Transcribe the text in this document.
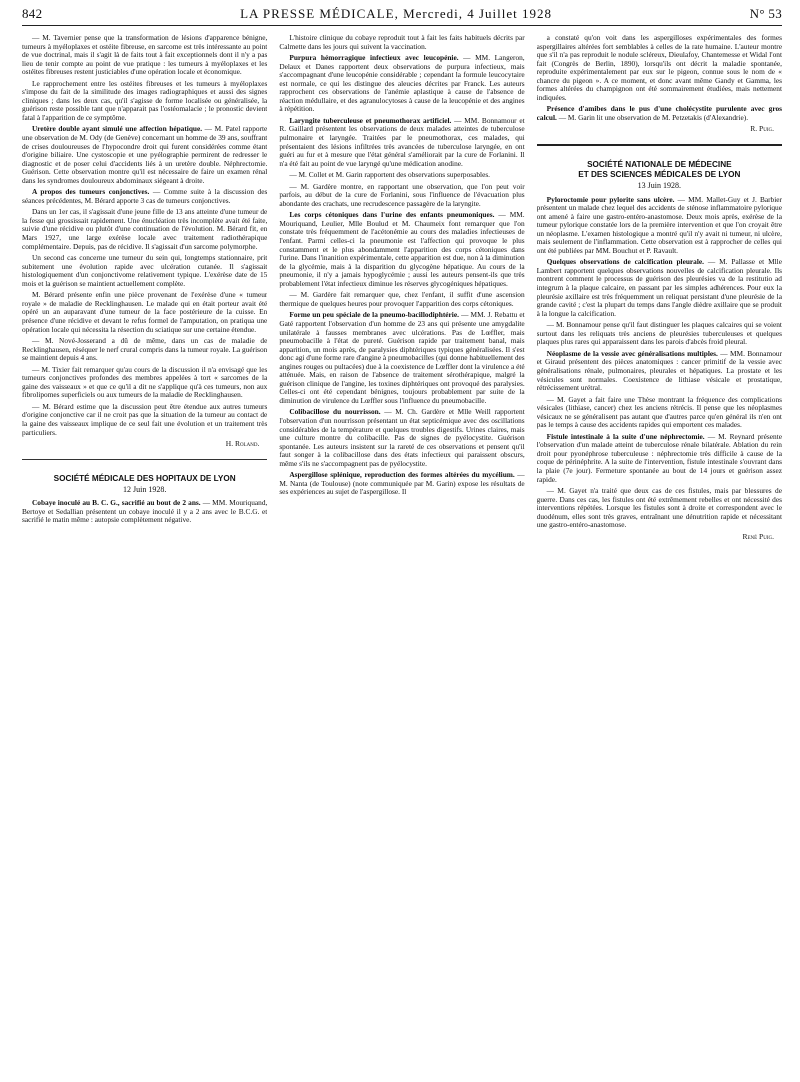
842	LA PRESSE MÉDICALE, Mercredi, 4 Juillet 1928	N° 53

— M. Tavernier pense que la transformation de lésions d'apparence bénigne, tumeurs à myéloplaxes et ostéite fibreuse, en sarcome est très intéressante au point de vue doctrinal, mais il s'agit là de faits tout à fait exceptionnels dont il n'y a pas lieu de tenir compte au point de vue pratique : les tumeurs à myéloplaxes et les ostéites fibreuses restent justiciables d'une opération locale et économique.

Le rapprochement entre les ostéites fibreuses et les tumeurs à myéloplaxes s'impose du fait de la similitude des images radiographiques et aussi des signes cliniques ; dans les deux cas, qu'il s'agisse de forme localisée ou généralisée, la guérison reste possible tant que n'apparait pas l'ostéomalacie ; le pronostic devient fatal à l'apparition de ce symptôme.

Uretère double ayant simulé une affection hépatique. — M. Patel rapporte une observation de M. Ody (de Genève) concernant un homme de 39 ans, souffrant de crises douloureuses de l'hypocondre droit qui furent considérées comme étant d'origine biliaire. Une cystoscopie et une pyélographie permirent de redresser le diagnostic et de poser celui d'accidents liés à un uretère double. Néphrectomie. Guérison. Cette observation montre qu'il est nécessaire de faire un examen rénal dans les syndromes douloureux abdominaux siégeant à droite.

A propos des tumeurs conjonctives. — Comme suite à la discussion des séances précédentes, M. Bérard apporte 3 cas de tumeurs conjonctives.

Dans un 1er cas, il s'agissait d'une jeune fille de 13 ans atteinte d'une tumeur de la fesse qui grossissait rapidement. Une énucléation très incomplète avait été faite, suivie d'une récidive ou plutôt d'une continuation de l'évolution. M. Bérard fit, en Mars 1927, une large exérèse locale avec traitement radiothérapique complémentaire. Depuis, pas de récidive. Il s'agissait d'un sarcome polymorphe.

Un second cas concerne une tumeur du sein qui, longtemps stationnaire, prit subitement une évolution rapide avec ulcération cutanée. Il s'agissait histologiquement d'un conjonctivome relativement typique. L'exérèse date de 15 mois et la guérison se maintient actuellement complète.

M. Bérard présente enfin une pièce provenant de l'exérèse d'une « tumeur royale » de maladie de Recklinghausen. Le malade qui en était porteur avait été opéré un an auparavant d'une tumeur de la face postérieure de la cuisse. En présence d'une récidive et devant le refus formel de l'amputation, on pratiqua une opération locale qui nécessita la résection du sciatique sur une certaine étendue.

— M. Nové-Josserand a dû de même, dans un cas de maladie de Recklinghausen, réséquer le nerf crural compris dans la tumeur royale. La guérison se maintient depuis 4 ans.

— M. Tixier fait remarquer qu'au cours de la discussion il n'a envisagé que les tumeurs conjonctives profondes des membres appelées à tort « sarcomes de la gaine des vaisseaux » et que ce qu'il a dit ne s'applique qu'à ces tumeurs, non aux fibrolipomes superficiels ou aux tumeurs de la maladie de Recklinghausen.

— M. Bérard estime que la discussion peut être étendue aux autres tumeurs d'origine conjonctive car il ne croit pas que la situation de la tumeur au contact de la gaine des vaisseaux implique de ce seul fait une évolution et un traitement très particuliers.

H. Roland.
SOCIÉTÉ MÉDICALE DES HOPITAUX DE LYON
12 Juin 1928.

Cobaye inoculé au B. C. G., sacrifié au bout de 2 ans. — MM. Mouriquand, Bertoye et Sedallian présentent un cobaye inoculé il y a 2 ans avec le B.C.G. et sacrifié le matin même : autopsie complètement négative.

L'histoire clinique du cobaye reproduit tout à fait les faits habituels décrits par Calmette dans les jours qui suivent la vaccination.

Purpura hémorragique infectieux avec leucopénie. — MM. Langeron, Delaux et Danes rapportent deux observations de purpura infectieux, mais s'accompagnant d'une leucopénie considérable ; cependant la formule leucocytaire est normale, ce qui les distingue des aleucies décrites par Franck. Les auteurs rapprochent ces observations de l'anémie aplastique à cause de l'absence de réaction médullaire, et des agranulocytoses à cause de la leucopénie et des angines à répétition.

Laryngite tuberculeuse et pneumothorax artificiel. — MM. Bonnamour et R. Gaillard présentent les observations de deux malades atteintes de tuberculose pulmonaire et laryngée. Traitées par le pneumothorax, ces malades, qui présentaient des lésions infiltrées très avancées de tuberculose laryngée, en ont guéri au fur et à mesure que l'état général s'améliorait par la cure de Forlanini. Il n'a été fait au point de vue laryngé qu'une médication anodine.

— M. Collet et M. Garin rapportent des observations superposables.

— M. Gardère montre, en rapportant une observation, que l'on peut voir parfois, au début de la cure de Forlanini, sous l'influence de l'évacuation plus abondante des crachats, une recrudescence passagère de la laryngite.

Les corps cétoniques dans l'urine des enfants pneumoniques. — MM. Mouriquand, Leulier, Mlle Boulud et M. Chaumeix font remarquer que l'on constate très fréquemment de l'acétonémie au cours des maladies infectieuses de l'enfant. Parmi celles-ci la pneumonie est l'affection qui provoque le plus constamment et le plus abondamment l'apparition des corps cétoniques dans l'urine. Dans l'inanition expérimentale, cette apparition est due, non à la diminution de la glycémie, mais à la disparition du glycogène hépatique. Au cours de la pneumonie, il n'y a jamais hypoglycémie ; aussi les auteurs pensent-ils que très probablement l'état infectieux diminue les réserves glycogéniques hépatiques.

— M. Gardère fait remarquer que, chez l'enfant, il suffit d'une ascension thermique de quelques heures pour provoquer l'apparition des corps cétoniques.

Forme un peu spéciale de la pneumo-bacillodiphtérie. — MM. J. Rebattu et Gaté rapportent l'observation d'un homme de 23 ans qui présente une amygdalite unilatérale à fausses membranes avec ulcérations. Pas de Lœffler, mais pneumobacille à l'état de pureté. Guérison rapide par traitement banal, mais apparition, un mois après, de paralysies diphtériques typiques généralisées. Il s'est donc agi d'une forme rare d'angine à pneumobacilles (qui donne habituellement des angines rouges ou pultacées) due à la coexistence de Lœffler dont la virulence a été atténuée. Mais, en raison de l'absence de traitement sérothérapique, malgré la guérison clinique de l'angine, les toxines diphtériques ont provoqué des paralysies. Celles-ci ont été cependant bénignes, toujours probablement par suite de la diminution de virulence du Lœffler sous l'influence du pneumobacille.

Colibacillose du nourrisson. — M. Ch. Gardère et Mlle Weill rapportent l'observation d'un nourrisson présentant un état septicémique avec des oscillations considérables de la température et quelques troubles digestifs. Urines claires, mais une culture montre du colibacille. Pas de signes de pyélocystite. Guérison spontanée. Les auteurs insistent sur la rareté de ces observations et pensent qu'il faut songer à la colibacillose dans des états infectieux qui paraissent obscurs, même s'ils ne s'accompagnent pas de pyélocystite.

Aspergillose splénique, reproduction des formes altérées du mycélium. — M. Nanta (de Toulouse) (note communiquée par M. Garin) expose les résultats de ses expériences au sujet de l'aspergillose. Il

a constaté qu'on voit dans les aspergilloses expérimentales des formes aspergillaires altérées fort semblables à celles de la rate humaine. L'auteur montre que s'il n'a pas reproduit le nodule scléreux, Dieulafoy, Chantemesse et Widal l'ont fait (Congrès de Berlin, 1890), lorsqu'ils ont décrit la maladie spontanée, reproduite expérimentalement par eux sur le pigeon, connue sous le nom de « chancre du pigeon ». A ce moment, et donc avant même Gandy et Gamma, les formes altérées du champignon ont été sommairement étudiées, mais nettement indiquées.

Présence d'amibes dans le pus d'une cholécystite purulente avec gros calcul. — M. Garin lit une observation de M. Petzetakis (d'Alexandrie).

R. Puig.
SOCIÉTÉ NATIONALE DE MÉDECINE
ET DES SCIENCES MÉDICALES DE LYON
13 Juin 1928.

Pyloroctomie pour pylorite sans ulcère. — MM. Mallet-Guy et J. Barbier présentent un malade chez lequel des accidents de sténose inflammatoire pylorique ont amené à faire une gastro-entéro-anastomose. Deux mois après, exérèse de la tumeur pylorique constatée lors de la première intervention et que l'on croyait être un néoplasme. L'examen histologique a montré qu'il n'y avait ni tumeur, ni ulcère, mais seulement de l'inflammation. Cette observation est à rapprocher de celles qui ont été publiées par MM. Bouchut et P. Ravault.

Quelques observations de calcification pleurale. — M. Pallasse et Mlle Lambert rapportent quelques observations nouvelles de calcification pleurale. Ils montrent comment le processus de guérison des pleurésies va de la restitutio ad integrum à la plaque calcaire, en passant par les simples adhérences. Pour eux la pleurésie axillaire est très fréquemment un reliquat persistant d'une pleurésie de la grande cavité ; c'est la plupart du temps dans l'angle dièdre axillaire que se produit à la longue la calcification.

— M. Bonnamour pense qu'il faut distinguer les plaques calcaires qui se voient surtout dans les reliquats très anciens de pleurésies tuberculeuses et quelques plaques plus rares qui apparaissent dans les parois d'abcès froid pleural.

Néoplasme de la vessie avec généralisations multiples. — MM. Bonnamour et Giraud présentent des pièces anatomiques : cancer primitif de la vessie avec généralisations rénale, pulmonaires, pleurales et hépatiques. La prostate et les vésicules sont normales. Coexistence de lithiase vésicale et prostatique, rétrécissement urétral.

— M. Gayet a fait faire une Thèse montrant la fréquence des complications vésicales (lithiase, cancer) chez les anciens rétrécis. Il pense que les néoplasmes vésicaux ne se généralisent pas autant que d'autres parce qu'en général ils n'en ont pas le temps à cause des accidents rapides qui emportent ces malades.

Fistule intestinale à la suite d'une néphrectomie. — M. Reynard présente l'observation d'un malade atteint de tuberculose rénale bilatérale. Ablation du rein droit pour pyonéphrose tuberculeuse : néphrectomie très difficile à cause de la coque de périnéphrite. A la suite de l'intervention, fistule intestinale s'ouvrant dans la plaie (7e jour). Fermeture spontanée au bout de 14 jours et guérison assez rapide.

— M. Gayet n'a traité que deux cas de ces fistules, mais par blessures de guerre. Dans ces cas, les fistules ont été extrêmement rebelles et ont nécessité des interventions répétées. Lorsque les fistules sont à droite et correspondent avec le duodénum, elles sont très graves, entraînant une dénutrition rapide et nécessitant une gastro-entéro-anastomose.

René Puig.
